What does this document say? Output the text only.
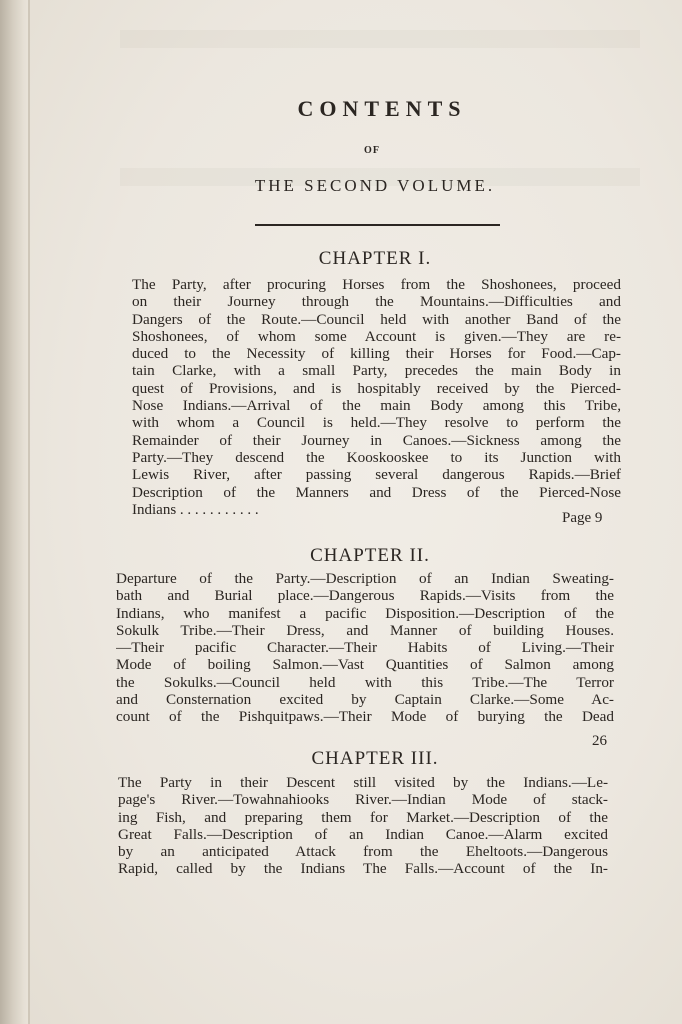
CONTENTS
OF
THE SECOND VOLUME.
CHAPTER I.
The Party, after procuring Horses from the Shoshonees, proceed
on their Journey through the Mountains.—Difficulties and
Dangers of the Route.—Council held with another Band of the
Shoshonees, of whom some Account is given.—They are re-
duced to the Necessity of killing their Horses for Food.—Cap-
tain Clarke, with a small Party, precedes the main Body in
quest of Provisions, and is hospitably received by the Pierced-
Nose Indians.—Arrival of the main Body among this Tribe,
with whom a Council is held.—They resolve to perform the
Remainder of their Journey in Canoes.—Sickness among the
Party.—They descend the Kooskooskee to its Junction with
Lewis River, after passing several dangerous Rapids.—Brief
Description of the Manners and Dress of the Pierced-Nose
Indians . . . . . . . . . . .	Page 9
CHAPTER II.
Departure of the Party.—Description of an Indian Sweating-
bath and Burial place.—Dangerous Rapids.—Visits from the
Indians, who manifest a pacific Disposition.—Description of the
Sokulk Tribe.—Their Dress, and Manner of building Houses.
—Their pacific Character.—Their Habits of Living.—Their
Mode of boiling Salmon.—Vast Quantities of Salmon among
the Sokulks.—Council held with this Tribe.—The Terror
and Consternation excited by Captain Clarke.—Some Ac-
count of the Pishquitpaws.—Their Mode of burying the Dead
26
CHAPTER III.
The Party in their Descent still visited by the Indians.—Le-
page's River.—Towahnahiooks River.—Indian Mode of stack-
ing Fish, and preparing them for Market.—Description of the
Great Falls.—Description of an Indian Canoe.—Alarm excited
by an anticipated Attack from the Eheltoots.—Dangerous
Rapid, called by the Indians The Falls.—Account of the In-
